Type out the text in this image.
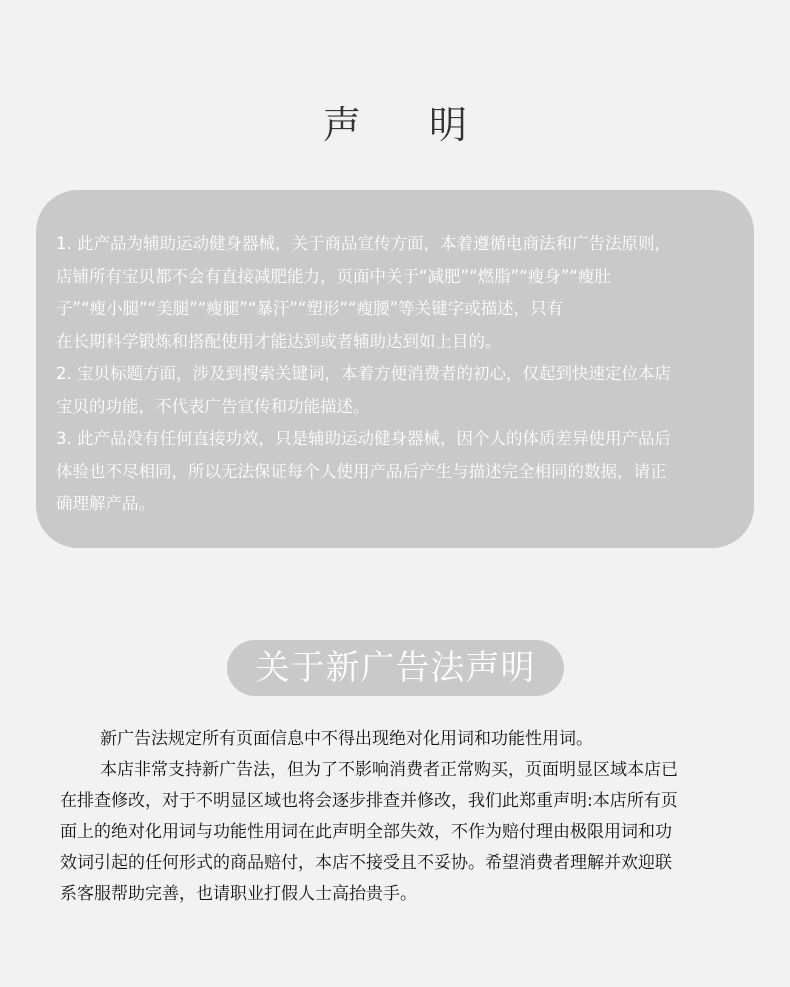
声 明
1. 此产品为辅助运动健身器械，关于商品宣传方面，本着遵循电商法和广告法原则，
店铺所有宝贝都不会有直接减肥能力，页面中关于“减肥”“燃脂”“瘦身”“瘦肚
子”“瘦小腿”“美腿”“瘦腿”“暴汗”“塑形”“瘦腰”等关键字或描述，只有
在长期科学锻炼和搭配使用才能达到或者辅助达到如上目的。
2. 宝贝标题方面，涉及到搜索关键词，本着方便消费者的初心，仅起到快速定位本店
宝贝的功能，不代表广告宣传和功能描述。
3. 此产品没有任何直接功效，只是辅助运动健身器械，因个人的体质差异使用产品后
体验也不尽相同，所以无法保证每个人使用产品后产生与描述完全相同的数据，请正
确理解产品。
关于新广告法声明
新广告法规定所有页面信息中不得出现绝对化用词和功能性用词。
本店非常支持新广告法，但为了不影响消费者正常购买，页面明显区域本店已
在排查修改，对于不明显区域也将会逐步排查并修改，我们此郑重声明:本店所有页
面上的绝对化用词与功能性用词在此声明全部失效，不作为赔付理由极限用词和功
效词引起的任何形式的商品赔付，本店不接受且不妥协。希望消费者理解并欢迎联
系客服帮助完善，也请职业打假人士高抬贵手。
